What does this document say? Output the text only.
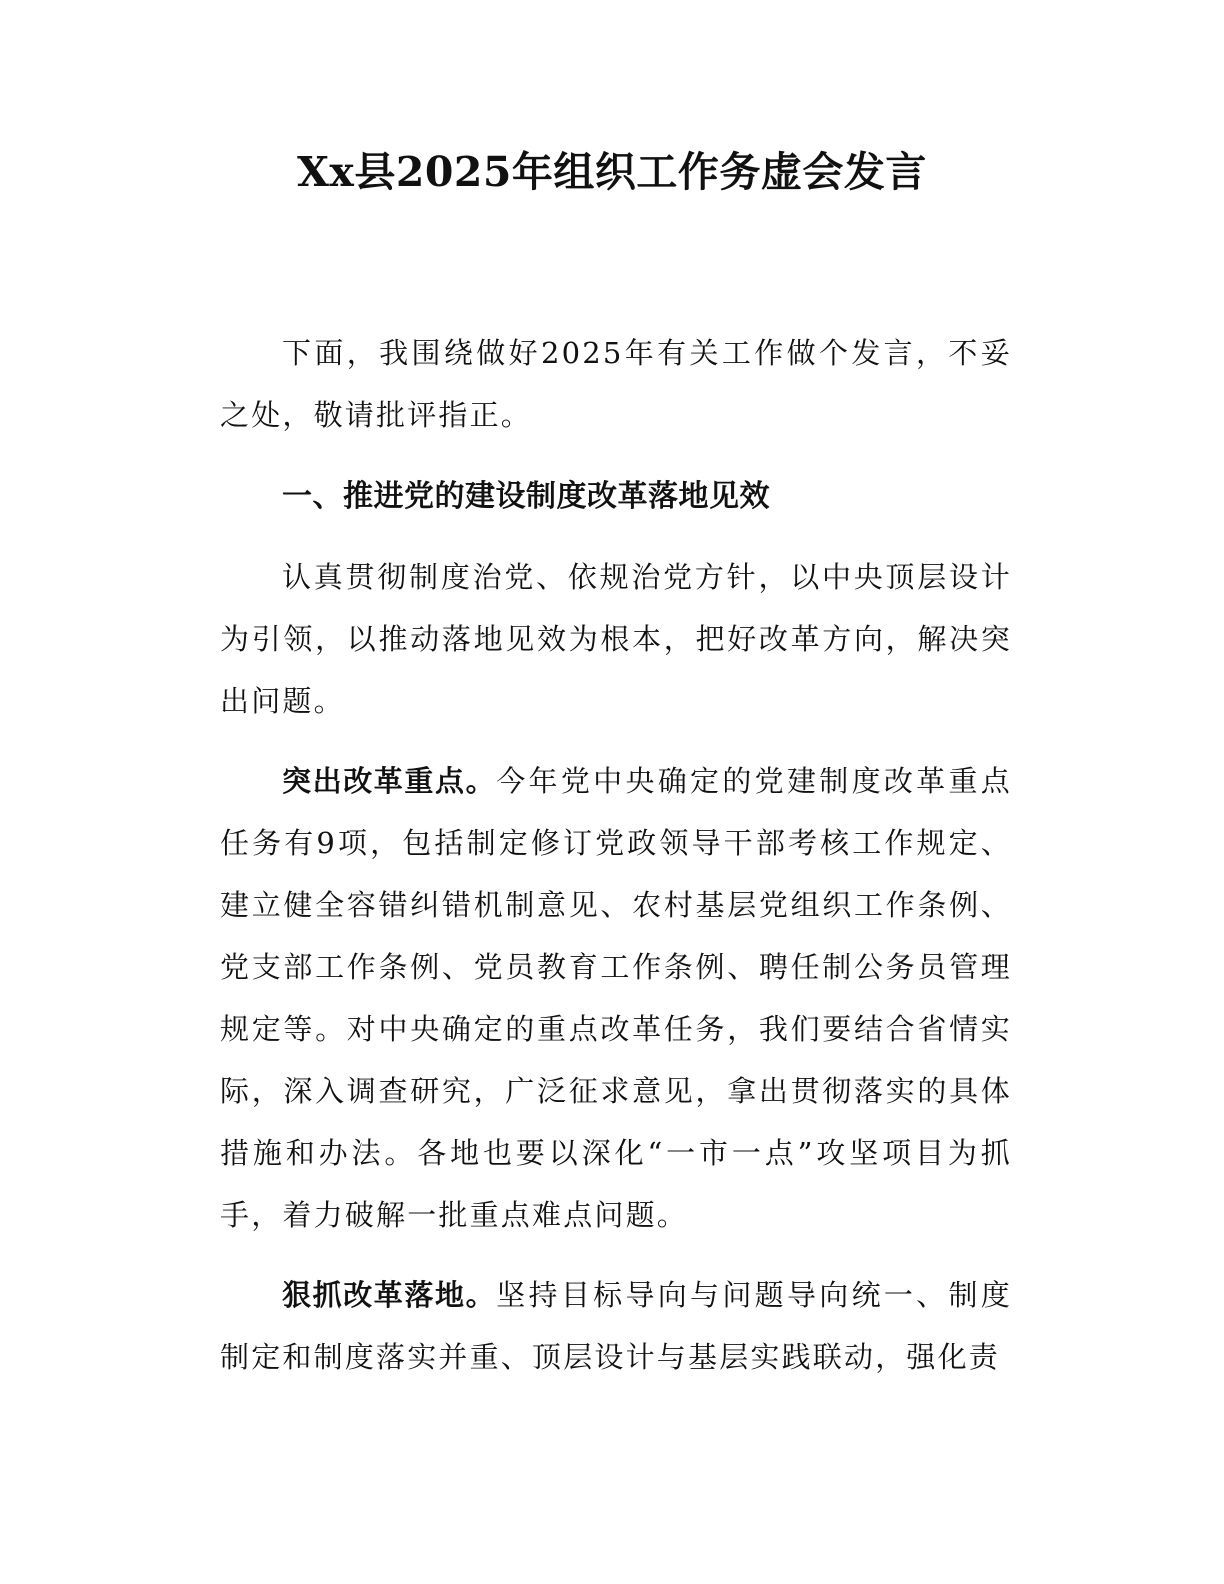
Xx县2025年组织工作务虚会发言

下面，我围绕做好2025年有关工作做个发言，不妥之处，敬请批评指正。

一、推进党的建设制度改革落地见效

认真贯彻制度治党、依规治党方针，以中央顶层设计为引领，以推动落地见效为根本，把好改革方向，解决突出问题。

突出改革重点。今年党中央确定的党建制度改革重点任务有9项，包括制定修订党政领导干部考核工作规定、建立健全容错纠错机制意见、农村基层党组织工作条例、党支部工作条例、党员教育工作条例、聘任制公务员管理规定等。对中央确定的重点改革任务，我们要结合省情实际，深入调查研究，广泛征求意见，拿出贯彻落实的具体措施和办法。各地也要以深化“一市一点”攻坚项目为抓手，着力破解一批重点难点问题。

狠抓改革落地。坚持目标导向与问题导向统一、制度制定和制度落实并重、顶层设计与基层实践联动，强化责
